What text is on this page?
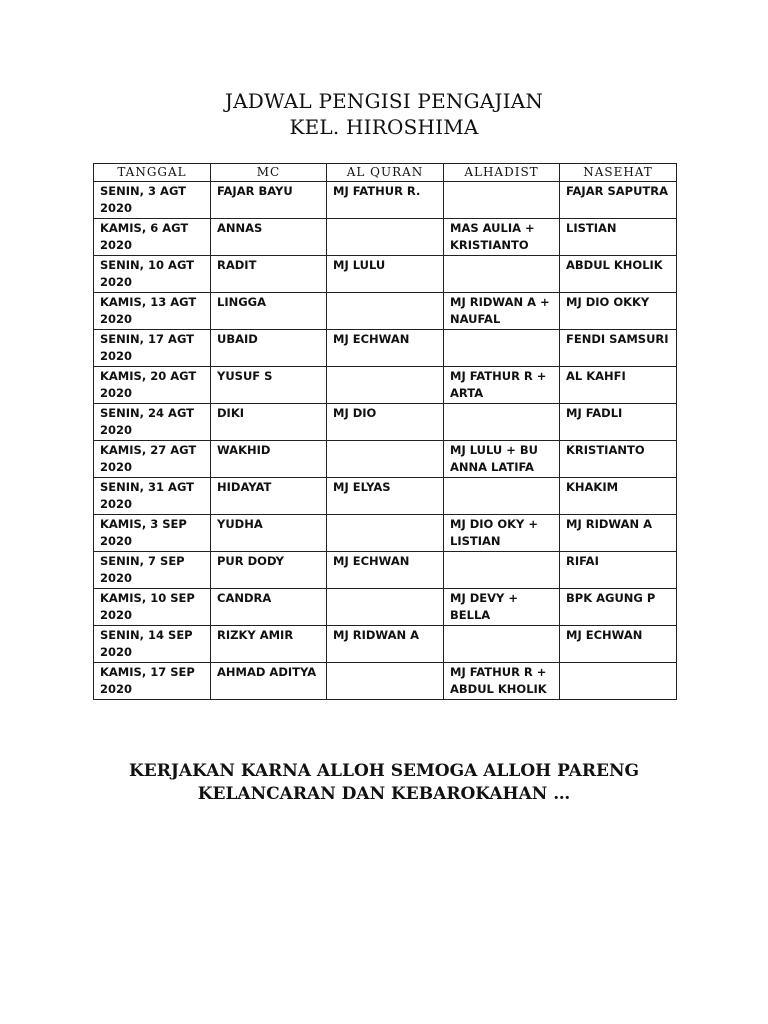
JADWAL PENGISI PENGAJIAN
KEL. HIROSHIMA
TANGGAL	MC	AL QURAN	ALHADIST	NASEHAT
SENIN, 3 AGT 2020	FAJAR BAYU	MJ FATHUR R.		FAJAR SAPUTRA
KAMIS, 6 AGT 2020	ANNAS		MAS AULIA + KRISTIANTO	LISTIAN
SENIN, 10 AGT 2020	RADIT	MJ LULU		ABDUL KHOLIK
KAMIS, 13 AGT 2020	LINGGA		MJ RIDWAN A + NAUFAL	MJ DIO OKKY
SENIN, 17 AGT 2020	UBAID	MJ ECHWAN		FENDI SAMSURI
KAMIS, 20 AGT 2020	YUSUF S		MJ FATHUR R + ARTA	AL KAHFI
SENIN, 24 AGT 2020	DIKI	MJ DIO		MJ FADLI
KAMIS, 27 AGT 2020	WAKHID		MJ LULU + BU ANNA LATIFA	KRISTIANTO
SENIN, 31 AGT 2020	HIDAYAT	MJ ELYAS		KHAKIM
KAMIS, 3 SEP 2020	YUDHA		MJ DIO OKY + LISTIAN	MJ RIDWAN A
SENIN, 7 SEP 2020	PUR DODY	MJ ECHWAN		RIFAI
KAMIS, 10 SEP 2020	CANDRA		MJ DEVY + BELLA	BPK AGUNG P
SENIN, 14 SEP 2020	RIZKY AMIR	MJ RIDWAN A		MJ ECHWAN
KAMIS, 17 SEP 2020	AHMAD ADITYA		MJ FATHUR R + ABDUL KHOLIK	
KERJAKAN KARNA ALLOH SEMOGA ALLOH PARENG
KELANCARAN DAN KEBAROKAHAN …
